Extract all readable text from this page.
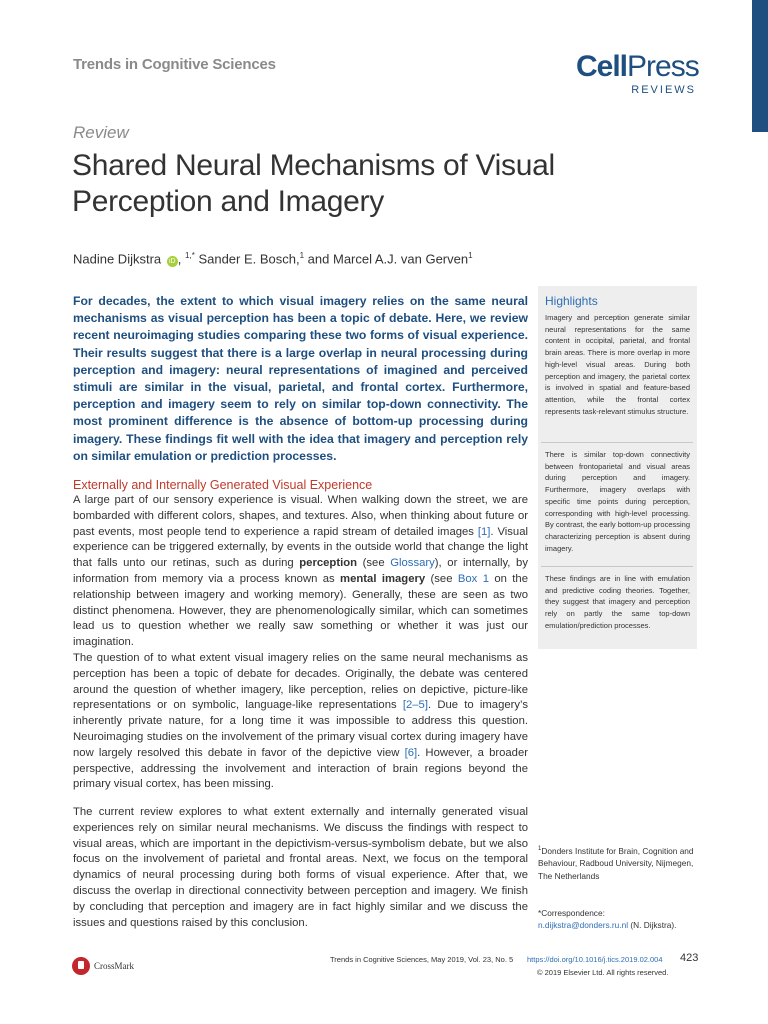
Trends in Cognitive Sciences	CellPress
REVIEWS
Review
Shared Neural Mechanisms of Visual Perception and Imagery
Nadine Dijkstra iD , $^{1,*}$ Sander E. Bosch,$^1$ and Marcel A.J. van Gerven$^1$
For decades, the extent to which visual imagery relies on the same neural mechanisms as visual perception has been a topic of debate. Here, we review recent neuroimaging studies comparing these two forms of visual experience. Their results suggest that there is a large overlap in neural processing during perception and imagery: neural representations of imagined and perceived stimuli are similar in the visual, parietal, and frontal cortex. Furthermore, perception and imagery seem to rely on similar top-down connectivity. The most prominent difference is the absence of bottom-up processing during imagery. These findings fit well with the idea that imagery and perception rely on similar emulation or prediction processes.
Externally and Internally Generated Visual Experience
A large part of our sensory experience is visual. When walking down the street, we are bombarded with different colors, shapes, and textures. Also, when thinking about future or past events, most people tend to experience a rapid stream of detailed images [1]. Visual experience can be triggered externally, by events in the outside world that change the light that falls unto our retinas, such as during perception (see Glossary), or internally, by information from memory via a process known as mental imagery (see Box 1 on the relationship between imagery and working memory). Generally, these are seen as two distinct phenomena. However, they are phenomenologically similar, which can sometimes lead us to question whether we really saw something or whether it was just our imagination.
The question of to what extent visual imagery relies on the same neural mechanisms as perception has been a topic of debate for decades. Originally, the debate was centered around the question of whether imagery, like perception, relies on depictive, picture-like representations or on symbolic, language-like representations [2–5]. Due to imagery’s inherently private nature, for a long time it was impossible to address this question. Neuroimaging studies on the involvement of the primary visual cortex during imagery have now largely resolved this debate in favor of the depictive view [6]. However, a broader perspective, addressing the involvement and interaction of brain regions beyond the primary visual cortex, has been missing.
The current review explores to what extent externally and internally generated visual experiences rely on similar neural mechanisms. We discuss the findings with respect to visual areas, which are important in the depictivism-versus-symbolism debate, but we also focus on the involvement of parietal and frontal areas. Next, we focus on the temporal dynamics of neural processing during both forms of visual experience. After that, we discuss the overlap in directional connectivity between perception and imagery. We finish by concluding that perception and imagery are in fact highly similar and we discuss the issues and questions raised by this conclusion.
Highlights
Imagery and perception generate similar neural representations for the same content in occipital, parietal, and frontal brain areas. There is more overlap in more high-level visual areas. During both perception and imagery, the parietal cortex is involved in spatial and feature-based attention, while the frontal cortex represents task-relevant stimulus structure.
There is similar top-down connectivity between frontoparietal and visual areas during perception and imagery. Furthermore, imagery overlaps with specific time points during perception, corresponding with high-level processing. By contrast, the early bottom-up processing characterizing perception is absent during imagery.
These findings are in line with emulation and predictive coding theories. Together, they suggest that imagery and perception rely on partly the same top-down emulation/prediction processes.
$^1$Donders Institute for Brain, Cognition and Behaviour, Radboud University, Nijmegen, The Netherlands
*Correspondence:
n.dijkstra@donders.ru.nl (N. Dijkstra).
CrossMark
Trends in Cognitive Sciences, May 2019, Vol. 23, No. 5 https://doi.org/10.1016/j.tics.2019.02.004 423
© 2019 Elsevier Ltd. All rights reserved.
